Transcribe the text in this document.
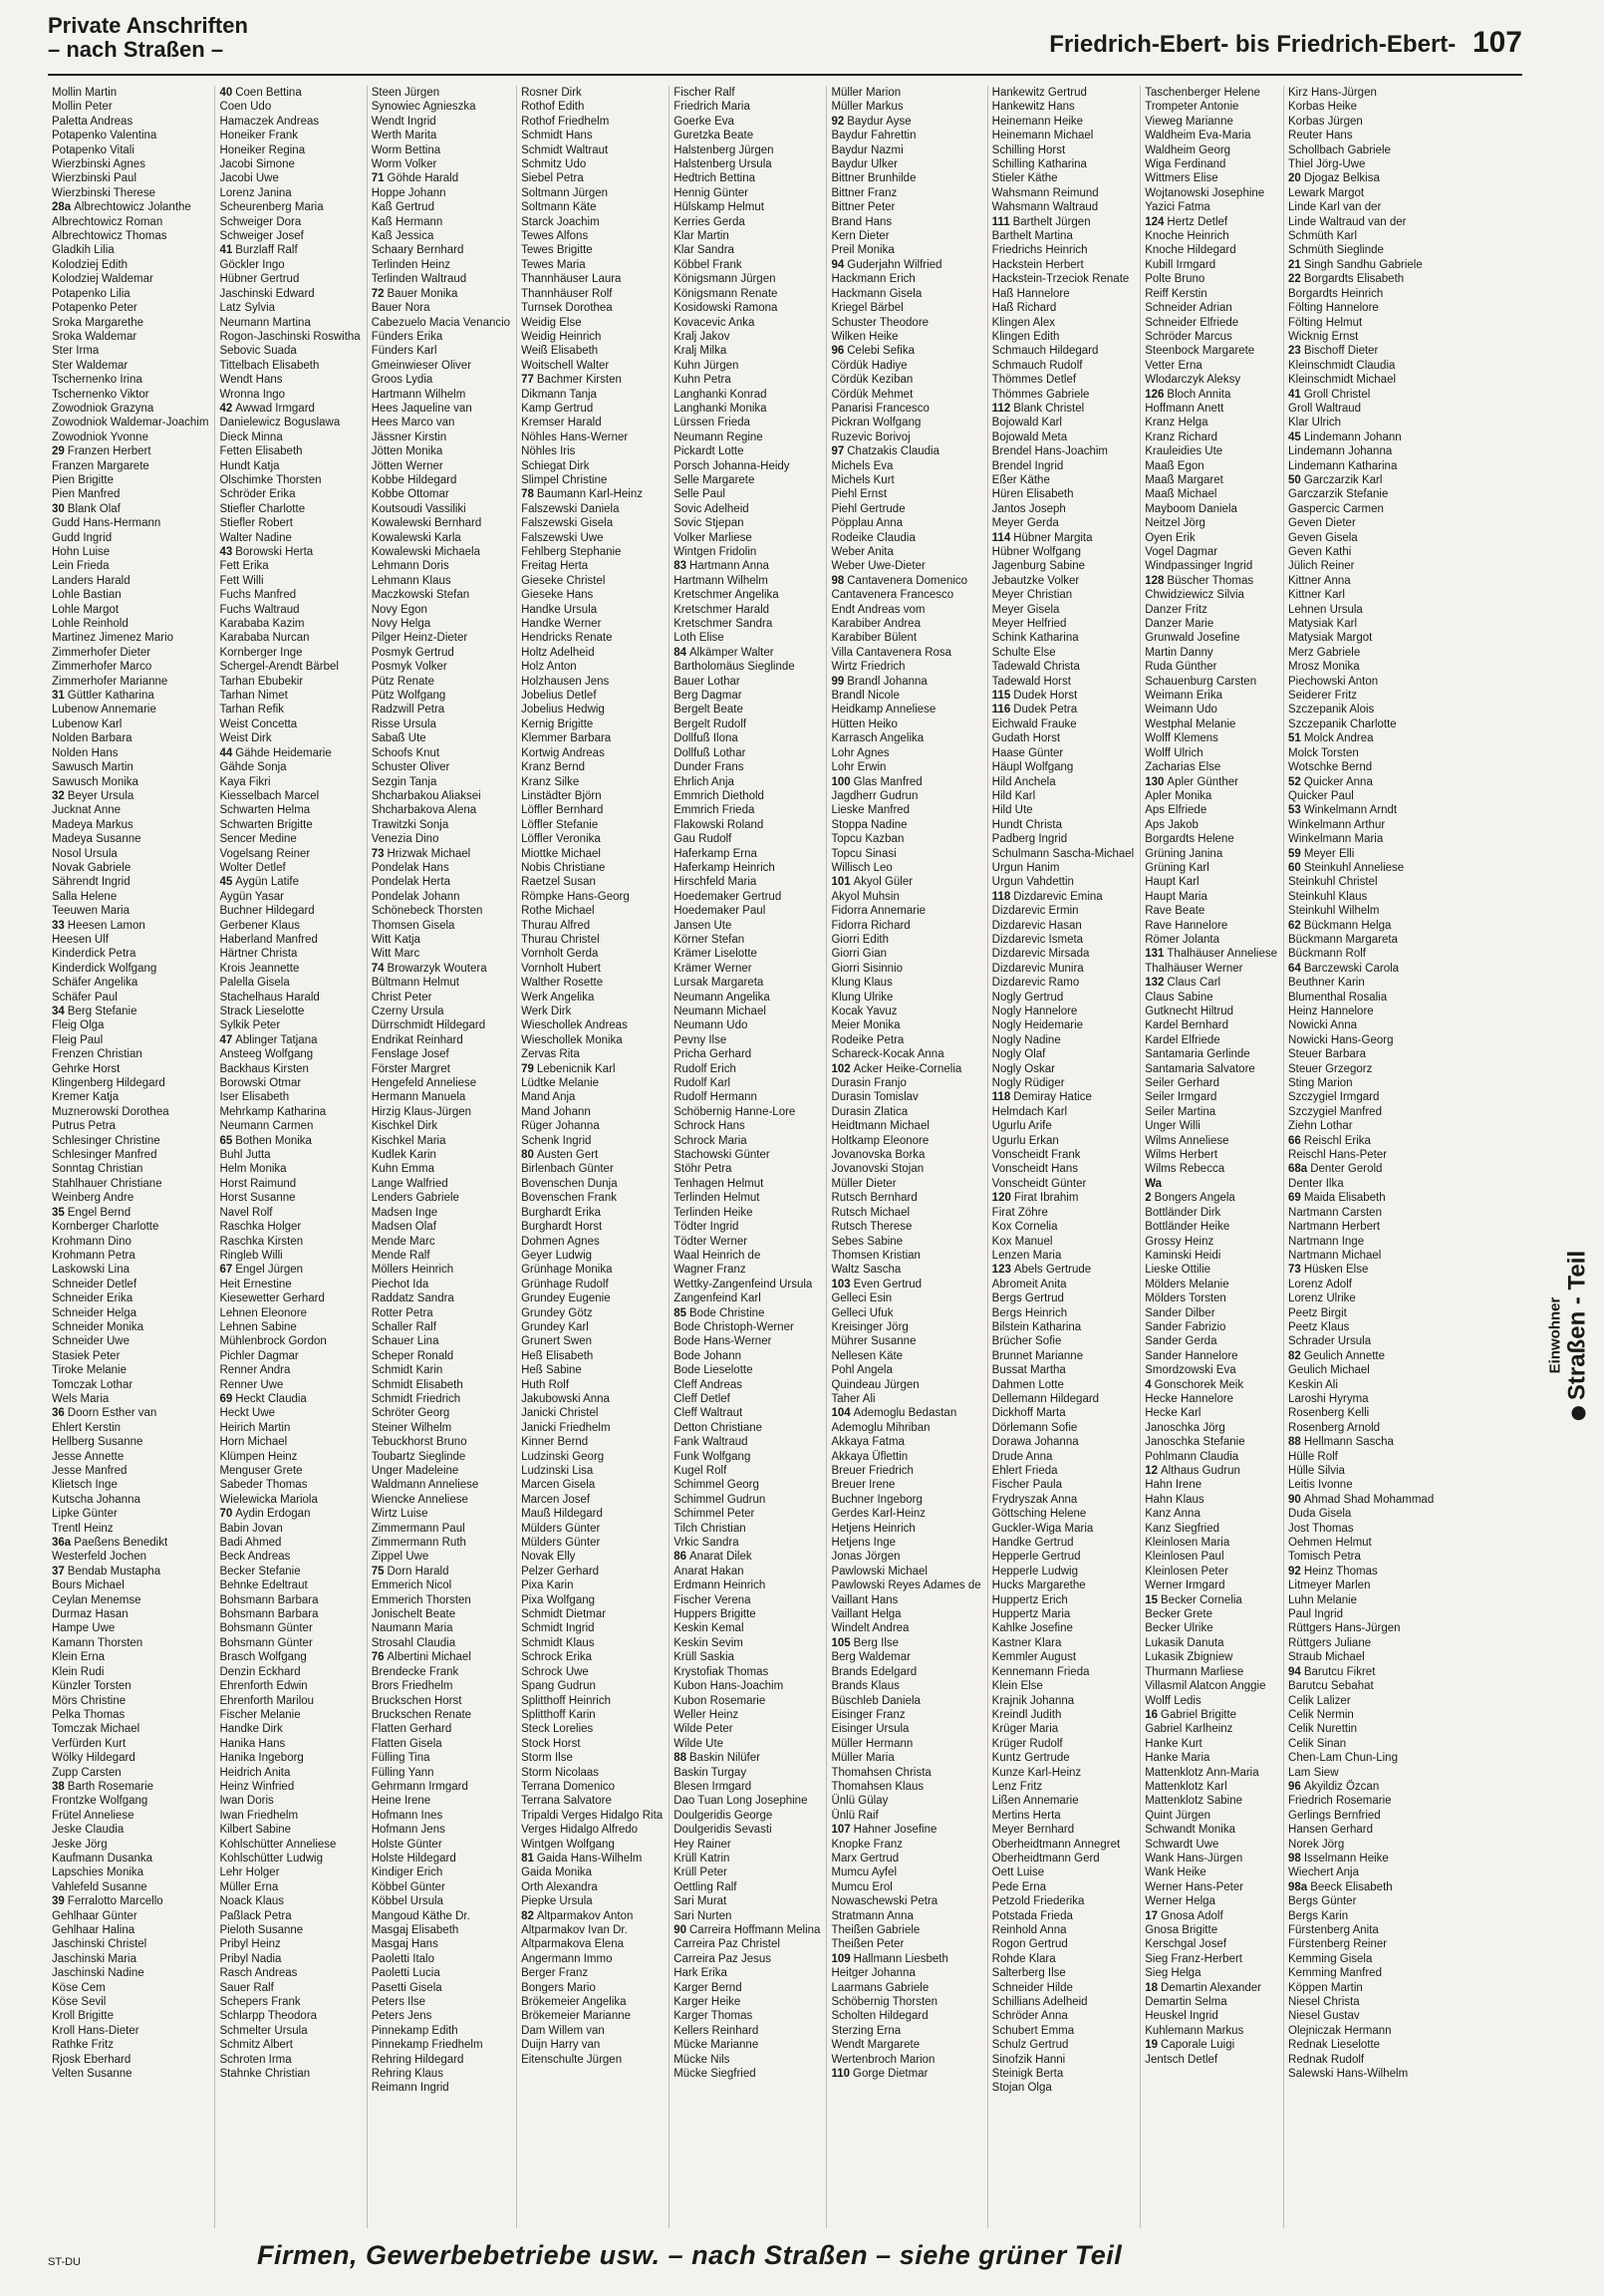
Private Anschriften
– nach Straßen –	Friedrich-Ebert- bis Friedrich-Ebert- 107
Mollin Martin
Mollin Peter
Paletta Andreas
Potapenko Valentina
Potapenko Vitali
Wierzbinski Agnes
Wierzbinski Paul
Wierzbinski Therese
28a Albrechtowicz Jolanthe
Albrechtowicz Roman
Albrechtowicz Thomas
Gladkih Lilia
Kolodziej Edith
Kolodziej Waldemar
Potapenko Lilia
Potapenko Peter
Sroka Margarethe
Sroka Waldemar
Ster Irma
Ster Waldemar
Tschernenko Irina
Tschernenko Viktor
Zowodniok Grazyna
Zowodniok Waldemar-Joachim
Zowodniok Yvonne
29 Franzen Herbert
Franzen Margarete
Pien Brigitte
Pien Manfred
30 Blank Olaf
Gudd Hans-Hermann
Gudd Ingrid
Hohn Luise
Lein Frieda
Landers Harald
Lohle Bastian
Lohle Margot
Lohle Reinhold
Martinez Jimenez Mario
Zimmerhofer Dieter
Zimmerhofer Marco
Zimmerhofer Marianne
31 Güttler Katharina
Lubenow Annemarie
Lubenow Karl
Nolden Barbara
Nolden Hans
Sawusch Martin
Sawusch Monika
32 Beyer Ursula
Jucknat Anne
Madeya Markus
Madeya Susanne
Nosol Ursula
Novak Gabriele
Sährendt Ingrid
Salla Helene
Teeuwen Maria
33 Heesen Lamon
Heesen Ulf
Kinderdick Petra
Kinderdick Wolfgang
Schäfer Angelika
Schäfer Paul
34 Berg Stefanie
Fleig Olga
Fleig Paul
Frenzen Christian
Gehrke Horst
Klingenberg Hildegard
Kremer Katja
Muznerowski Dorothea
Putrus Petra
Schlesinger Christine
Schlesinger Manfred
Sonntag Christian
Stahlhauer Christiane
Weinberg Andre
35 Engel Bernd
Kornberger Charlotte
Krohmann Dino
Krohmann Petra
Laskowski Lina
Schneider Detlef
Schneider Erika
Schneider Helga
Schneider Monika
Schneider Uwe
Stasiek Peter
Tiroke Melanie
Tomczak Lothar
Wels Maria
36 Doorn Esther van
Ehlert Kerstin
Hellberg Susanne
Jesse Annette
Jesse Manfred
Klietsch Inge
Kutscha Johanna
Lipke Günter
Trentl Heinz
36a Paeßens Benedikt
Westerfeld Jochen
37 Bendab Mustapha
Bours Michael
Ceylan Menemse
Durmaz Hasan
Hampe Uwe
Kamann Thorsten
Klein Erna
Klein Rudi
Künzler Torsten
Mörs Christine
Pelka Thomas
Tomczak Michael
Verfürden Kurt
Wölky Hildegard
Zupp Carsten
38 Barth Rosemarie
Frontzke Wolfgang
Frütel Anneliese
Jeske Claudia
Jeske Jörg
Kaufmann Dusanka
Lapschies Monika
Vahlefeld Susanne
39 Ferralotto Marcello
Gehlhaar Günter
Gehlhaar Halina
Jaschinski Christel
Jaschinski Maria
Jaschinski Nadine
Köse Cem
Köse Sevil
Kroll Brigitte
Kroll Hans-Dieter
Rathke Fritz
Rjosk Eberhard
Velten Susanne
40 Coen Bettina
Coen Udo
Hamaczek Andreas
Honeiker Frank
Honeiker Regina
Jacobi Simone
Jacobi Uwe
Lorenz Janina
Scheurenberg Maria
Schweiger Dora
Schweiger Josef
41 Burzlaff Ralf
Göckler Ingo
Hübner Gertrud
Jaschinski Edward
Latz Sylvia
Neumann Martina
Rogon-Jaschinski Roswitha
Sebovic Suada
Tittelbach Elisabeth
Wendt Hans
Wronna Ingo
42 Awwad Irmgard
Danielewicz Boguslawa
Dieck Minna
Fetten Elisabeth
Hundt Katja
Olschimke Thorsten
Schröder Erika
Stiefler Charlotte
Stiefler Robert
Walter Nadine
43 Borowski Herta
Fett Erika
Fett Willi
Fuchs Manfred
Fuchs Waltraud
Karababa Kazim
Karababa Nurcan
Kornberger Inge
Schergel-Arendt Bärbel
Tarhan Ebubekir
Tarhan Nimet
Tarhan Refik
Weist Concetta
Weist Dirk
44 Gähde Heidemarie
Gähde Sonja
Kaya Fikri
Kiesselbach Marcel
Schwarten Helma
Schwarten Brigitte
Sencer Medine
Vogelsang Reiner
Wolter Detlef
45 Aygün Latife
Aygün Yasar
Buchner Hildegard
Gerbener Klaus
Haberland Manfred
Härtner Christa
Krois Jeannette
Palella Gisela
Stachelhaus Harald
Strack Lieselotte
Sylkik Peter
47 Ablinger Tatjana
Ansteeg Wolfgang
Backhaus Kirsten
Borowski Otmar
Iser Elisabeth
Mehrkamp Katharina
Neumann Carmen
65 Bothen Monika
Buhl Jutta
Helm Monika
Horst Raimund
Horst Susanne
Navel Rolf
Raschka Holger
Raschka Kirsten
Ringleb Willi
67 Engel Jürgen
Heit Ernestine
Kiesewetter Gerhard
Lehnen Eleonore
Lehnen Sabine
Mühlenbrock Gordon
Pichler Dagmar
Renner Andra
Renner Uwe
69 Heckt Claudia
Heckt Uwe
Heirich Martin
Horn Michael
Klümpen Heinz
Menguser Grete
Sabeder Thomas
Wielewicka Mariola
70 Aydin Erdogan
Babin Jovan
Badi Ahmed
Beck Andreas
Becker Stefanie
Behnke Edeltraut
Bohsmann Barbara
Bohsmann Barbara
Bohsmann Günter
Bohsmann Günter
Brasch Wolfgang
Denzin Eckhard
Ehrenforth Edwin
Ehrenforth Marilou
Fischer Melanie
Handke Dirk
Hanika Hans
Hanika Ingeborg
Heidrich Anita
Heinz Winfried
Iwan Doris
Iwan Friedhelm
Kilbert Sabine
Kohlschütter Anneliese
Kohlschütter Ludwig
Lehr Holger
Müller Erna
Noack Klaus
Paßlack Petra
Pieloth Susanne
Pribyl Heinz
Pribyl Nadia
Rasch Andreas
Sauer Ralf
Schepers Frank
Schlarpp Theodora
Schmelter Ursula
Schmitz Albert
Schroten Irma
Stahnke Christian
Steen Jürgen
Synowiec Agnieszka
Wendt Ingrid
Werth Marita
Worm Bettina
Worm Volker
71 Göhde Harald
Hoppe Johann
Kaß Gertrud
Kaß Hermann
Kaß Jessica
Schaary Bernhard
Terlinden Heinz
Terlinden Waltraud
72 Bauer Monika
Bauer Nora
Cabezuelo Macia Venancio
Fünders Erika
Fünders Karl
Gmeinwieser Oliver
Groos Lydia
Hartmann Wilhelm
Hees Jaqueline van
Hees Marco van
Jässner Kirstin
Jötten Monika
Jötten Werner
Kobbe Hildegard
Kobbe Ottomar
Koutsoudi Vassiliki
Kowalewski Bernhard
Kowalewski Karla
Kowalewski Michaela
Lehmann Doris
Lehmann Klaus
Maczkowski Stefan
Novy Egon
Novy Helga
Pilger Heinz-Dieter
Posmyk Gertrud
Posmyk Volker
Pütz Renate
Pütz Wolfgang
Radzwill Petra
Risse Ursula
Sabaß Ute
Schoofs Knut
Schuster Oliver
Sezgin Tanja
Shcharbakou Aliaksei
Shcharbakova Alena
Trawitzki Sonja
Venezia Dino
73 Hrizwak Michael
Pondelak Hans
Pondelak Herta
Pondelak Johann
Schönebeck Thorsten
Thomsen Gisela
Witt Katja
Witt Marc
74 Browarzyk Woutera
Bültmann Helmut
Christ Peter
Czerny Ursula
Dürrschmidt Hildegard
Endrikat Reinhard
Fenslage Josef
Förster Margret
Hengefeld Anneliese
Hermann Manuela
Hirzig Klaus-Jürgen
Kischkel Dirk
Kischkel Maria
Kudlek Karin
Kuhn Emma
Lange Walfried
Lenders Gabriele
Madsen Inge
Madsen Olaf
Mende Marc
Mende Ralf
Möllers Heinrich
Piechot Ida
Raddatz Sandra
Rotter Petra
Schaller Ralf
Schauer Lina
Scheper Ronald
Schmidt Karin
Schmidt Elisabeth
Schmidt Friedrich
Schröter Georg
Steiner Wilhelm
Tebuckhorst Bruno
Toubartz Sieglinde
Unger Madeleine
Waldmann Anneliese
Wiencke Anneliese
Wirtz Luise
Zimmermann Paul
Zimmermann Ruth
Zippel Uwe
75 Dorn Harald
Emmerich Nicol
Emmerich Thorsten
Jonischelt Beate
Naumann Maria
Strosahl Claudia
76 Albertini Michael
Brendecke Frank
Brors Friedhelm
Bruckschen Horst
Bruckschen Renate
Flatten Gerhard
Flatten Gisela
Fülling Tina
Fülling Yann
Gehrmann Irmgard
Heine Irene
Hofmann Ines
Hofmann Jens
Holste Günter
Holste Hildegard
Kindiger Erich
Köbbel Günter
Köbbel Ursula
Mangoud Käthe Dr.
Masgaj Elisabeth
Masgaj Hans
Paoletti Italo
Paoletti Lucia
Pasetti Gisela
Peters Ilse
Peters Jens
Pinnekamp Edith
Pinnekamp Friedhelm
Rehring Hildegard
Rehring Klaus
Reimann Ingrid
Rosner Dirk
Rothof Edith
Rothof Friedhelm
Schmidt Hans
Schmidt Waltraut
Schmitz Udo
Siebel Petra
Soltmann Jürgen
Soltmann Käte
Starck Joachim
Tewes Alfons
Tewes Brigitte
Tewes Maria
Thannhäuser Laura
Thannhäuser Rolf
Turnsek Dorothea
Weidig Else
Weidig Heinrich
Weiß Elisabeth
Woitschell Walter
77 Bachmer Kirsten
Dikmann Tanja
Kamp Gertrud
Kremser Harald
Nöhles Hans-Werner
Nöhles Iris
Schiegat Dirk
Slimpel Christine
78 Baumann Karl-Heinz
Falszewski Daniela
Falszewski Gisela
Falszewski Uwe
Fehlberg Stephanie
Freitag Herta
Gieseke Christel
Gieseke Hans
Handke Ursula
Handke Werner
Hendricks Renate
Holtz Adelheid
Holz Anton
Holzhausen Jens
Jobelius Detlef
Jobelius Hedwig
Kernig Brigitte
Klemmer Barbara
Kortwig Andreas
Kranz Bernd
Kranz Silke
Linstädter Björn
Löffler Bernhard
Löffler Stefanie
Löffler Veronika
Miottke Michael
Nobis Christiane
Raetzel Susan
Römpke Hans-Georg
Rothe Michael
Thurau Alfred
Thurau Christel
Vornholt Gerda
Vornholt Hubert
Walther Rosette
Werk Angelika
Werk Dirk
Wieschollek Andreas
Wieschollek Monika
Zervas Rita
79 Lebenicnik Karl
Lüdtke Melanie
Mand Anja
Mand Johann
Rüger Johanna
Schenk Ingrid
80 Austen Gert
Birlenbach Günter
Bovenschen Dunja
Bovenschen Frank
Burghardt Erika
Burghardt Horst
Dohmen Agnes
Geyer Ludwig
Grünhage Monika
Grünhage Rudolf
Grundey Eugenie
Grundey Götz
Grundey Karl
Grunert Swen
Heß Elisabeth
Heß Sabine
Huth Rolf
Jakubowski Anna
Janicki Christel
Janicki Friedhelm
Kinner Bernd
Ludzinski Georg
Ludzinski Lisa
Marcen Gisela
Marcen Josef
Mauß Hildegard
Mülders Günter
Mülders Günter
Novak Elly
Pelzer Gerhard
Pixa Karin
Pixa Wolfgang
Schmidt Dietmar
Schmidt Ingrid
Schmidt Klaus
Schrock Erika
Schrock Uwe
Spang Gudrun
Splitthoff Heinrich
Splitthoff Karin
Steck Lorelies
Stock Horst
Storm Ilse
Storm Nicolaas
Terrana Domenico
Terrana Salvatore
Tripaldi Verges Hidalgo Rita
Verges Hidalgo Alfredo
Wintgen Wolfgang
81 Gaida Hans-Wilhelm
Gaida Monika
Orth Alexandra
Piepke Ursula
82 Altparmakov Anton
Altparmakov Ivan Dr.
Altparmakova Elena
Angermann Immo
Berger Franz
Bongers Mario
Brökemeier Angelika
Brökemeier Marianne
Dam Willem van
Duijn Harry van
Eitenschulte Jürgen
Fischer Ralf
Friedrich Maria
Goerke Eva
Guretzka Beate
Halstenberg Jürgen
Halstenberg Ursula
Hedtrich Bettina
Hennig Günter
Hülskamp Helmut
Kerries Gerda
Klar Martin
Klar Sandra
Köbbel Frank
Königsmann Jürgen
Königsmann Renate
Kosidowski Ramona
Kovacevic Anka
Kralj Jakov
Kralj Milka
Kuhn Jürgen
Kuhn Petra
Langhanki Konrad
Langhanki Monika
Lürssen Frieda
Neumann Regine
Pickardt Lotte
Porsch Johanna-Heidy
Selle Margarete
Selle Paul
Sovic Adelheid
Sovic Stjepan
Volker Marliese
Wintgen Fridolin
83 Hartmann Anna
Hartmann Wilhelm
Kretschmer Angelika
Kretschmer Harald
Kretschmer Sandra
Loth Elise
84 Alkämper Walter
Bartholomäus Sieglinde
Bauer Lothar
Berg Dagmar
Bergelt Beate
Bergelt Rudolf
Dollfuß Ilona
Dollfuß Lothar
Dunder Frans
Ehrlich Anja
Emmrich Diethold
Emmrich Frieda
Flakowski Roland
Gau Rudolf
Haferkamp Erna
Haferkamp Heinrich
Hirschfeld Maria
Hoedemaker Gertrud
Hoedemaker Paul
Jansen Ute
Körner Stefan
Krämer Liselotte
Krämer Werner
Lursak Margareta
Neumann Angelika
Neumann Michael
Neumann Udo
Pevny Ilse
Pricha Gerhard
Rudolf Erich
Rudolf Karl
Rudolf Hermann
Schöbernig Hanne-Lore
Schrock Hans
Schrock Maria
Stachowski Günter
Stöhr Petra
Tenhagen Helmut
Terlinden Helmut
Terlinden Heike
Tödter Ingrid
Tödter Werner
Waal Heinrich de
Wagner Franz
Wettky-Zangenfeind Ursula
Zangenfeind Karl
85 Bode Christine
Bode Christoph-Werner
Bode Hans-Werner
Bode Johann
Bode Lieselotte
Cleff Andreas
Cleff Detlef
Cleff Waltraut
Detton Christiane
Fank Waltraud
Funk Wolfgang
Kugel Rolf
Schimmel Georg
Schimmel Gudrun
Schimmel Peter
Tilch Christian
Vrkic Sandra
86 Anarat Dilek
Anarat Hakan
Erdmann Heinrich
Fischer Verena
Huppers Brigitte
Keskin Kemal
Keskin Sevim
Krüll Saskia
Krystofiak Thomas
Kubon Hans-Joachim
Kubon Rosemarie
Weller Heinz
Wilde Peter
Wilde Ute
88 Baskin Nilüfer
Baskin Turgay
Blesen Irmgard
Dao Tuan Long Josephine
Doulgeridis George
Doulgeridis Sevasti
Hey Rainer
Krüll Katrin
Krüll Peter
Oettling Ralf
Sari Murat
Sari Nurten
90 Carreira Hoffmann Melina
Carreira Paz Christel
Carreira Paz Jesus
Hark Erika
Karger Bernd
Karger Heike
Karger Thomas
Kellers Reinhard
Mücke Marianne
Mücke Nils
Mücke Siegfried
Müller Marion
Müller Markus
92 Baydur Ayse
Baydur Fahrettin
Baydur Nazmi
Baydur Ulker
Bittner Brunhilde
Bittner Franz
Bittner Peter
Brand Hans
Kern Dieter
Preil Monika
94 Guderjahn Wilfried
Hackmann Erich
Hackmann Gisela
Kriegel Bärbel
Schuster Theodore
Wilken Heike
96 Celebi Sefika
Cördük Hadiye
Cördük Keziban
Cördük Mehmet
Panarisi Francesco
Pickran Wolfgang
Ruzevic Borivoj
97 Chatzakis Claudia
Michels Eva
Michels Kurt
Piehl Ernst
Piehl Gertrude
Pöpplau Anna
Rodeike Claudia
Weber Anita
Weber Uwe-Dieter
98 Cantavenera Domenico
Cantavenera Francesco
Endt Andreas vom
Karabiber Andrea
Karabiber Bülent
Villa Cantavenera Rosa
Wirtz Friedrich
99 Brandl Johanna
Brandl Nicole
Heidkamp Anneliese
Hütten Heiko
Karrasch Angelika
Lohr Agnes
Lohr Erwin
100 Glas Manfred
Jagdherr Gudrun
Lieske Manfred
Stoppa Nadine
Topcu Kazban
Topcu Sinasi
Willisch Leo
101 Akyol Güler
Akyol Muhsin
Fidorra Annemarie
Fidorra Richard
Giorri Edith
Giorri Gian
Giorri Sisinnio
Klung Klaus
Klung Ulrike
Kocak Yavuz
Meier Monika
Rodeike Petra
Schareck-Kocak Anna
102 Acker Heike-Cornelia
Durasin Franjo
Durasin Tomislav
Durasin Zlatica
Heidtmann Michael
Holtkamp Eleonore
Jovanovska Borka
Jovanovski Stojan
Müller Dieter
Rutsch Bernhard
Rutsch Michael
Rutsch Therese
Sebes Sabine
Thomsen Kristian
Waltz Sascha
103 Even Gertrud
Gelleci Esin
Gelleci Ufuk
Kreisinger Jörg
Mührer Susanne
Nellesen Käte
Pohl Angela
Quindeau Jürgen
Taher Ali
104 Ademoglu Bedastan
Ademoglu Mihriban
Akkaya Fatma
Akkaya Üflettin
Breuer Friedrich
Breuer Irene
Buchner Ingeborg
Gerdes Karl-Heinz
Hetjens Heinrich
Hetjens Inge
Jonas Jörgen
Pawlowski Michael
Pawlowski Reyes Adames de
Vaillant Hans
Vaillant Helga
Windelt Andrea
105 Berg Ilse
Berg Waldemar
Brands Edelgard
Brands Klaus
Büschleb Daniela
Eisinger Franz
Eisinger Ursula
Müller Hermann
Müller Maria
Thomahsen Christa
Thomahsen Klaus
Ünlü Gülay
Ünlü Raif
107 Hahner Josefine
Knopke Franz
Marx Gertrud
Mumcu Ayfel
Mumcu Erol
Nowaschewski Petra
Stratmann Anna
Theißen Gabriele
Theißen Peter
109 Hallmann Liesbeth
Heitger Johanna
Laarmans Gabriele
Schöbernig Thorsten
Scholten Hildegard
Sterzing Erna
Wendt Margarete
Wertenbroch Marion
110 Gorge Dietmar
Hankewitz Gertrud
Hankewitz Hans
Heinemann Heike
Heinemann Michael
Schilling Horst
Schilling Katharina
Stieler Käthe
Wahsmann Reimund
Wahsmann Waltraud
111 Barthelt Jürgen
Barthelt Martina
Friedrichs Heinrich
Hackstein Herbert
Hackstein-Trzeciok Renate
Haß Hannelore
Haß Richard
Klingen Alex
Klingen Edith
Schmauch Hildegard
Schmauch Rudolf
Thömmes Detlef
Thömmes Gabriele
112 Blank Christel
Bojowald Karl
Bojowald Meta
Brendel Hans-Joachim
Brendel Ingrid
Eßer Käthe
Hüren Elisabeth
Jantos Joseph
Meyer Gerda
114 Hübner Margita
Hübner Wolfgang
Jagenburg Sabine
Jebautzke Volker
Meyer Christian
Meyer Gisela
Meyer Helfried
Schink Katharina
Schulte Else
Tadewald Christa
Tadewald Horst
115 Dudek Horst
116 Dudek Petra
Eichwald Frauke
Gudath Horst
Haase Günter
Häupl Wolfgang
Hild Anchela
Hild Karl
Hild Ute
Hundt Christa
Padberg Ingrid
Schulmann Sascha-Michael
Urgun Hanim
Urgun Vahdettin
118 Dizdarevic Emina
Dizdarevic Ermin
Dizdarevic Hasan
Dizdarevic Ismeta
Dizdarevic Mirsada
Dizdarevic Munira
Dizdarevic Ramo
Nogly Gertrud
Nogly Hannelore
Nogly Heidemarie
Nogly Nadine
Nogly Olaf
Nogly Oskar
Nogly Rüdiger
118 Demiray Hatice
Helmdach Karl
Ugurlu Arife
Ugurlu Erkan
Vonscheidt Frank
Vonscheidt Hans
Vonscheidt Günter
120 Firat Ibrahim
Firat Zöhre
Kox Cornelia
Kox Manuel
Lenzen Maria
123 Abels Gertrude
Abromeit Anita
Bergs Gertrud
Bergs Heinrich
Bilstein Katharina
Brücher Sofie
Brunnet Marianne
Bussat Martha
Dahmen Lotte
Dellemann Hildegard
Dickhoff Marta
Dörlemann Sofie
Dorawa Johanna
Drude Anna
Ehlert Frieda
Fischer Paula
Frydryszak Anna
Göttsching Helene
Guckler-Wiga Maria
Handke Gertrud
Hepperle Gertrud
Hepperle Ludwig
Hucks Margarethe
Huppertz Erich
Huppertz Maria
Kahlke Josefine
Kastner Klara
Kemmler August
Kennemann Frieda
Klein Else
Krajnik Johanna
Kreindl Judith
Krüger Maria
Krüger Rudolf
Kuntz Gertrude
Kunze Karl-Heinz
Lenz Fritz
Lißen Annemarie
Mertins Herta
Meyer Bernhard
Oberheidtmann Annegret
Oberheidtmann Gerd
Oett Luise
Pede Erna
Petzold Friederika
Potstada Frieda
Reinhold Anna
Rogon Gertrud
Rohde Klara
Salterberg Ilse
Schneider Hilde
Schillians Adelheid
Schröder Anna
Schubert Emma
Schulz Gertrud
Sinofzik Hanni
Steinigk Berta
Stojan Olga
Taschenberger Helene
Trompeter Antonie
Vieweg Marianne
Waldheim Eva-Maria
Waldheim Georg
Wiga Ferdinand
Wittmers Elise
Wojtanowski Josephine
Yazici Fatma
124 Hertz Detlef
Knoche Heinrich
Knoche Hildegard
Kubill Irmgard
Polte Bruno
Reiff Kerstin
Schneider Adrian
Schneider Elfriede
Schröder Marcus
Steenbock Margarete
Vetter Erna
Wlodarczyk Aleksy
126 Bloch Annita
Hoffmann Anett
Kranz Helga
Kranz Richard
Krauleidies Ute
Maaß Egon
Maaß Margaret
Maaß Michael
Mayboom Daniela
Neitzel Jörg
Oyen Erik
Vogel Dagmar
Windpassinger Ingrid
128 Büscher Thomas
Chwidziewicz Silvia
Danzer Fritz
Danzer Marie
Grunwald Josefine
Martin Danny
Ruda Günther
Schauenburg Carsten
Weimann Erika
Weimann Udo
Westphal Melanie
Wolff Klemens
Wolff Ulrich
Zacharias Else
130 Apler Günther
Apler Monika
Aps Elfriede
Aps Jakob
Borgardts Helene
Grüning Janina
Grüning Karl
Haupt Karl
Haupt Maria
Rave Beate
Rave Hannelore
Römer Jolanta
131 Thalhäuser Anneliese
Thalhäuser Werner
132 Claus Carl
Claus Sabine
Gutknecht Hiltrud
Kardel Bernhard
Kardel Elfriede
Santamaria Gerlinde
Santamaria Salvatore
Seiler Gerhard
Seiler Irmgard
Seiler Martina
Unger Willi
Wilms Anneliese
Wilms Herbert
Wilms Rebecca
Wa
2 Bongers Angela
Bottländer Dirk
Bottländer Heike
Grossy Heinz
Kaminski Heidi
Lieske Ottilie
Mölders Melanie
Mölders Torsten
Sander Dilber
Sander Fabrizio
Sander Gerda
Sander Hannelore
Smordzowski Eva
4 Gonschorek Meik
Hecke Hannelore
Hecke Karl
Janoschka Jörg
Janoschka Stefanie
Pohlmann Claudia
12 Althaus Gudrun
Hahn Irene
Hahn Klaus
Kanz Anna
Kanz Siegfried
Kleinlosen Maria
Kleinlosen Paul
Kleinlosen Peter
Werner Irmgard
15 Becker Cornelia
Becker Grete
Becker Ulrike
Lukasik Danuta
Lukasik Zbigniew
Thurmann Marliese
Villasmil Alatcon Anggie
Wolff Ledis
16 Gabriel Brigitte
Gabriel Karlheinz
Hanke Kurt
Hanke Maria
Mattenklotz Ann-Maria
Mattenklotz Karl
Mattenklotz Sabine
Quint Jürgen
Schwandt Monika
Schwardt Uwe
Wank Hans-Jürgen
Wank Heike
Werner Hans-Peter
Werner Helga
17 Gnosa Adolf
Gnosa Brigitte
Kerschgal Josef
Sieg Franz-Herbert
Sieg Helga
18 Demartin Alexander
Demartin Selma
Heuskel Ingrid
Kuhlemann Markus
19 Caporale Luigi
Jentsch Detlef
Kirz Hans-Jürgen
Korbas Heike
Korbas Jürgen
Reuter Hans
Schollbach Gabriele
Thiel Jörg-Uwe
20 Djogaz Belkisa
Lewark Margot
Linde Karl van der
Linde Waltraud van der
Schmüth Karl
Schmüth Sieglinde
21 Singh Sandhu Gabriele
22 Borgardts Elisabeth
Borgardts Heinrich
Fölting Hannelore
Fölting Helmut
Wicknig Ernst
23 Bischoff Dieter
Kleinschmidt Claudia
Kleinschmidt Michael
41 Groll Christel
Groll Waltraud
Klar Ulrich
45 Lindemann Johann
Lindemann Johanna
Lindemann Katharina
50 Garczarzik Karl
Garczarzik Stefanie
Gaspercic Carmen
Geven Dieter
Geven Gisela
Geven Kathi
Jülich Reiner
Kittner Anna
Kittner Karl
Lehnen Ursula
Matysiak Karl
Matysiak Margot
Merz Gabriele
Mrosz Monika
Piechowski Anton
Seiderer Fritz
Szczepanik Alois
Szczepanik Charlotte
51 Molck Andrea
Molck Torsten
Wotschke Bernd
52 Quicker Anna
Quicker Paul
53 Winkelmann Arndt
Winkelmann Arthur
Winkelmann Maria
59 Meyer Elli
60 Steinkuhl Anneliese
Steinkuhl Christel
Steinkuhl Klaus
Steinkuhl Wilhelm
62 Bückmann Helga
Bückmann Margareta
Bückmann Rolf
64 Barczewski Carola
Beuthner Karin
Blumenthal Rosalia
Heinz Hannelore
Nowicki Anna
Nowicki Hans-Georg
Steuer Barbara
Steuer Grzegorz
Sting Marion
Szczygiel Irmgard
Szczygiel Manfred
Ziehn Lothar
66 Reischl Erika
Reischl Hans-Peter
68a Denter Gerold
Denter Ilka
69 Maida Elisabeth
Nartmann Carsten
Nartmann Herbert
Nartmann Inge
Nartmann Michael
73 Hüsken Else
Lorenz Adolf
Lorenz Ulrike
Peetz Birgit
Peetz Klaus
Schrader Ursula
82 Geulich Annette
Geulich Michael
Keskin Ali
Laroshi Hyryma
Rosenberg Kelli
Rosenberg Arnold
88 Hellmann Sascha
Hülle Rolf
Hülle Silvia
Leitis Ivonne
90 Ahmad Shad Mohammad
Duda Gisela
Jost Thomas
Oehmen Helmut
Tomisch Petra
92 Heinz Thomas
Litmeyer Marlen
Luhn Melanie
Paul Ingrid
Rüttgers Hans-Jürgen
Rüttgers Juliane
Straub Michael
94 Barutcu Fikret
Barutcu Sebahat
Celik Lalizer
Celik Nermin
Celik Nurettin
Celik Sinan
Chen-Lam Chun-Ling
Lam Siew
96 Akyildiz Özcan
Friedrich Rosemarie
Gerlings Bernfried
Hansen Gerhard
Norek Jörg
98 Isselmann Heike
Wiechert Anja
98a Beeck Elisabeth
Bergs Günter
Bergs Karin
Fürstenberg Anita
Fürstenberg Reiner
Kemming Gisela
Kemming Manfred
Köppen Martin
Niesel Christa
Niesel Gustav
Olejniczak Hermann
Rednak Lieselotte
Rednak Rudolf
Salewski Hans-Wilhelm
Einwohner Straßen - Teil
ST-DU	Firmen, Gewerbebetriebe usw. – nach Straßen – siehe grüner Teil
